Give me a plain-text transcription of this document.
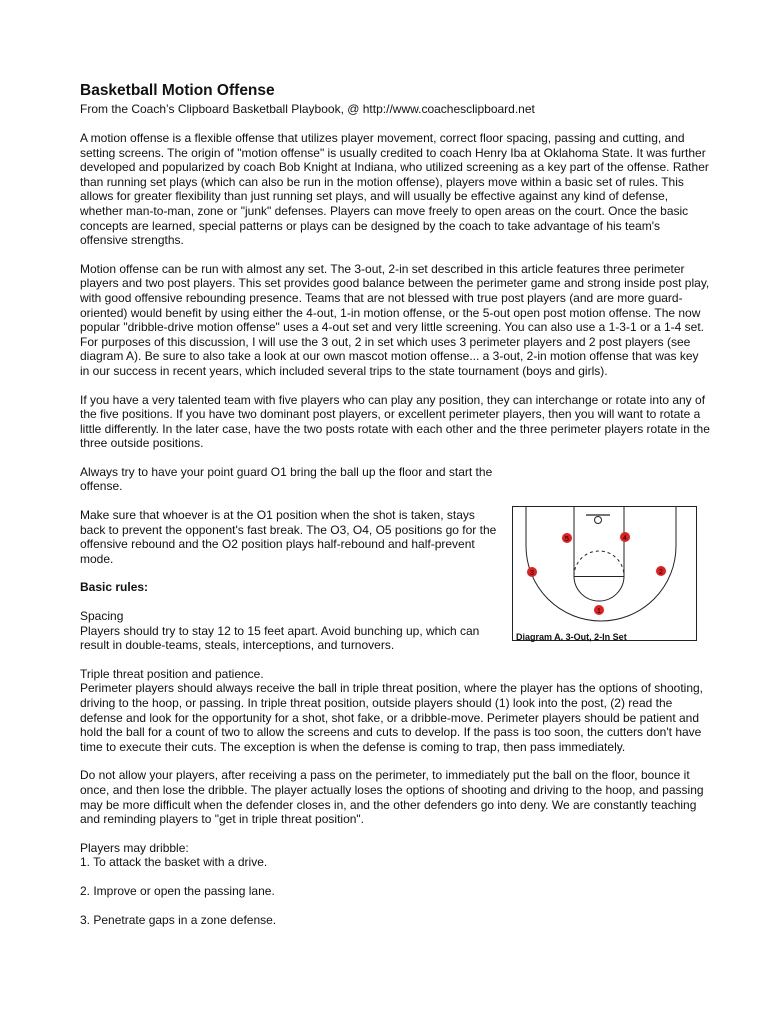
Basketball Motion Offense
From the Coach’s Clipboard Basketball Playbook, @ http://www.coachesclipboard.net

A motion offense is a flexible offense that utilizes player movement, correct floor spacing, passing and cutting, and setting screens. The origin of "motion offense" is usually credited to coach Henry Iba at Oklahoma State. It was further developed and popularized by coach Bob Knight at Indiana, who utilized screening as a key part of the offense. Rather than running set plays (which can also be run in the motion offense), players move within a basic set of rules. This allows for greater flexibility than just running set plays, and will usually be effective against any kind of defense, whether man-to-man, zone or "junk" defenses. Players can move freely to open areas on the court. Once the basic concepts are learned, special patterns or plays can be designed by the coach to take advantage of his team's offensive strengths.

Motion offense can be run with almost any set. The 3-out, 2-in set described in this article features three perimeter players and two post players. This set provides good balance between the perimeter game and strong inside post play, with good offensive rebounding presence. Teams that are not blessed with true post players (and are more guard-oriented) would benefit by using either the 4-out, 1-in motion offense, or the 5-out open post motion offense. The now popular "dribble-drive motion offense" uses a 4-out set and very little screening. You can also use a 1-3-1 or a 1-4 set. For purposes of this discussion, I will use the 3 out, 2 in set which uses 3 perimeter players and 2 post players (see diagram A). Be sure to also take a look at our own mascot motion offense... a 3-out, 2-in motion offense that was key in our success in recent years, which included several trips to the state tournament (boys and girls).

If you have a very talented team with five players who can play any position, they can interchange or rotate into any of the five positions. If you have two dominant post players, or excellent perimeter players, then you will want to rotate a little differently. In the later case, have the two posts rotate with each other and the three perimeter players rotate in the three outside positions.

Always try to have your point guard O1 bring the ball up the floor and start the offense.

Make sure that whoever is at the O1 position when the shot is taken, stays back to prevent the opponent's fast break. The O3, O4, O5 positions go for the offensive rebound and the O2 position plays half-rebound and half-prevent mode.

Basic rules:

Spacing
Players should try to stay 12 to 15 feet apart. Avoid bunching up, which can result in double-teams, steals, interceptions, and turnovers.

Triple threat position and patience.
Perimeter players should always receive the ball in triple threat position, where the player has the options of shooting, driving to the hoop, or passing. In triple threat position, outside players should (1) look into the post, (2) read the defense and look for the opportunity for a shot, shot fake, or a dribble-move. Perimeter players should be patient and hold the ball for a count of two to allow the screens and cuts to develop. If the pass is too soon, the cutters don't have time to execute their cuts. The exception is when the defense is coming to trap, then pass immediately.

Do not allow your players, after receiving a pass on the perimeter, to immediately put the ball on the floor, bounce it once, and then lose the dribble. The player actually loses the options of shooting and driving to the hoop, and passing may be more difficult when the defender closes in, and the other defenders go into deny. We are constantly teaching and reminding players to "get in triple threat position".

Players may dribble:
1. To attack the basket with a drive.

2. Improve or open the passing lane.

3. Penetrate gaps in a zone defense.

5	4
3	2
1
Diagram A. 3-Out, 2-In Set
